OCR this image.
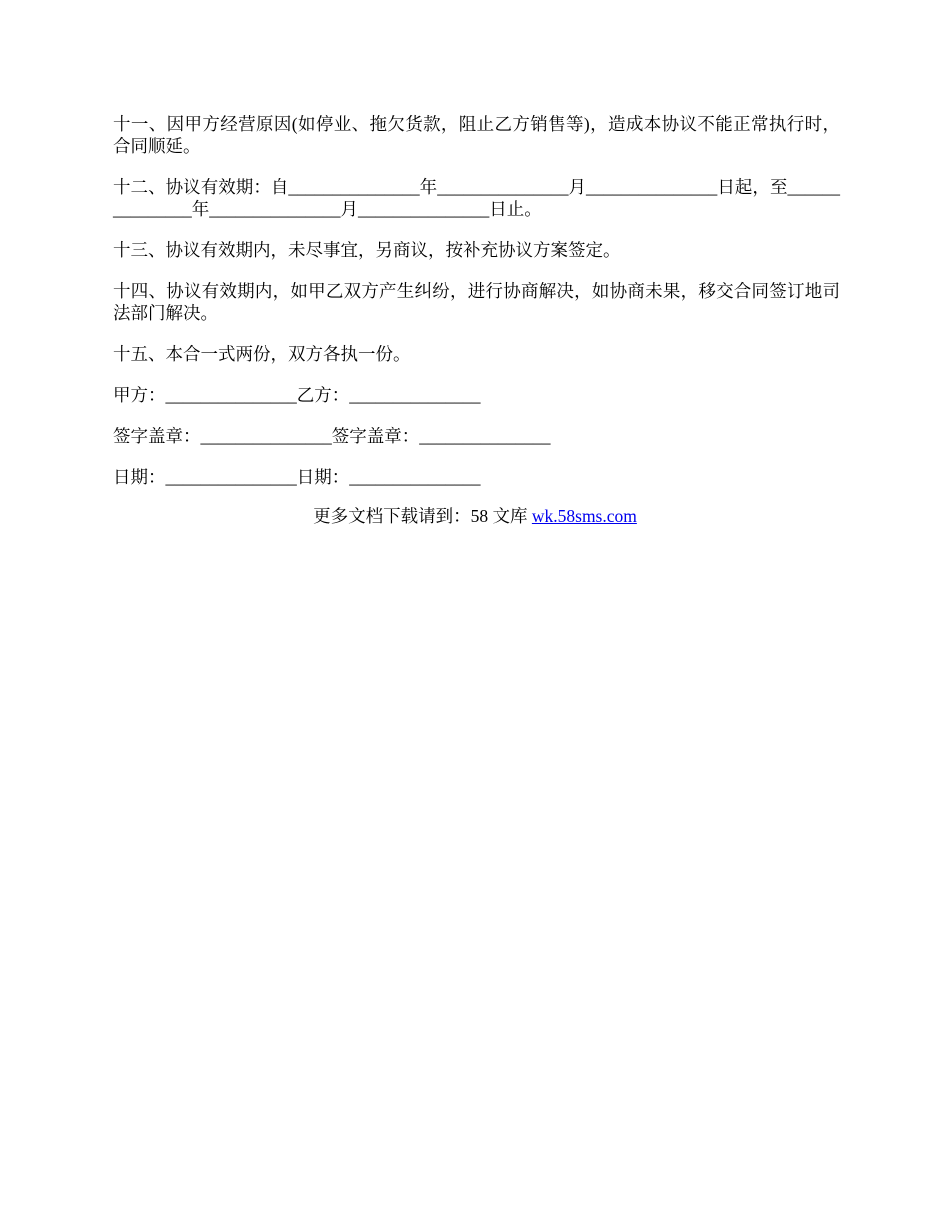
十一、因甲方经营原因(如停业、拖欠货款，阻止乙方销售等)，造成本协议不能正常执行时，合同顺延。

十二、协议有效期：自_______________年_______________月_______________日起，至_______________年_______________月_______________日止。

十三、协议有效期内，未尽事宜，另商议，按补充协议方案签定。

十四、协议有效期内，如甲乙双方产生纠纷，进行协商解决，如协商未果，移交合同签订地司法部门解决。

十五、本合一式两份，双方各执一份。

甲方：_______________乙方：_______________

签字盖章：_______________签字盖章：_______________

日期：_______________日期：_______________

更多文档下载请到：58 文库 wk.58sms.com
